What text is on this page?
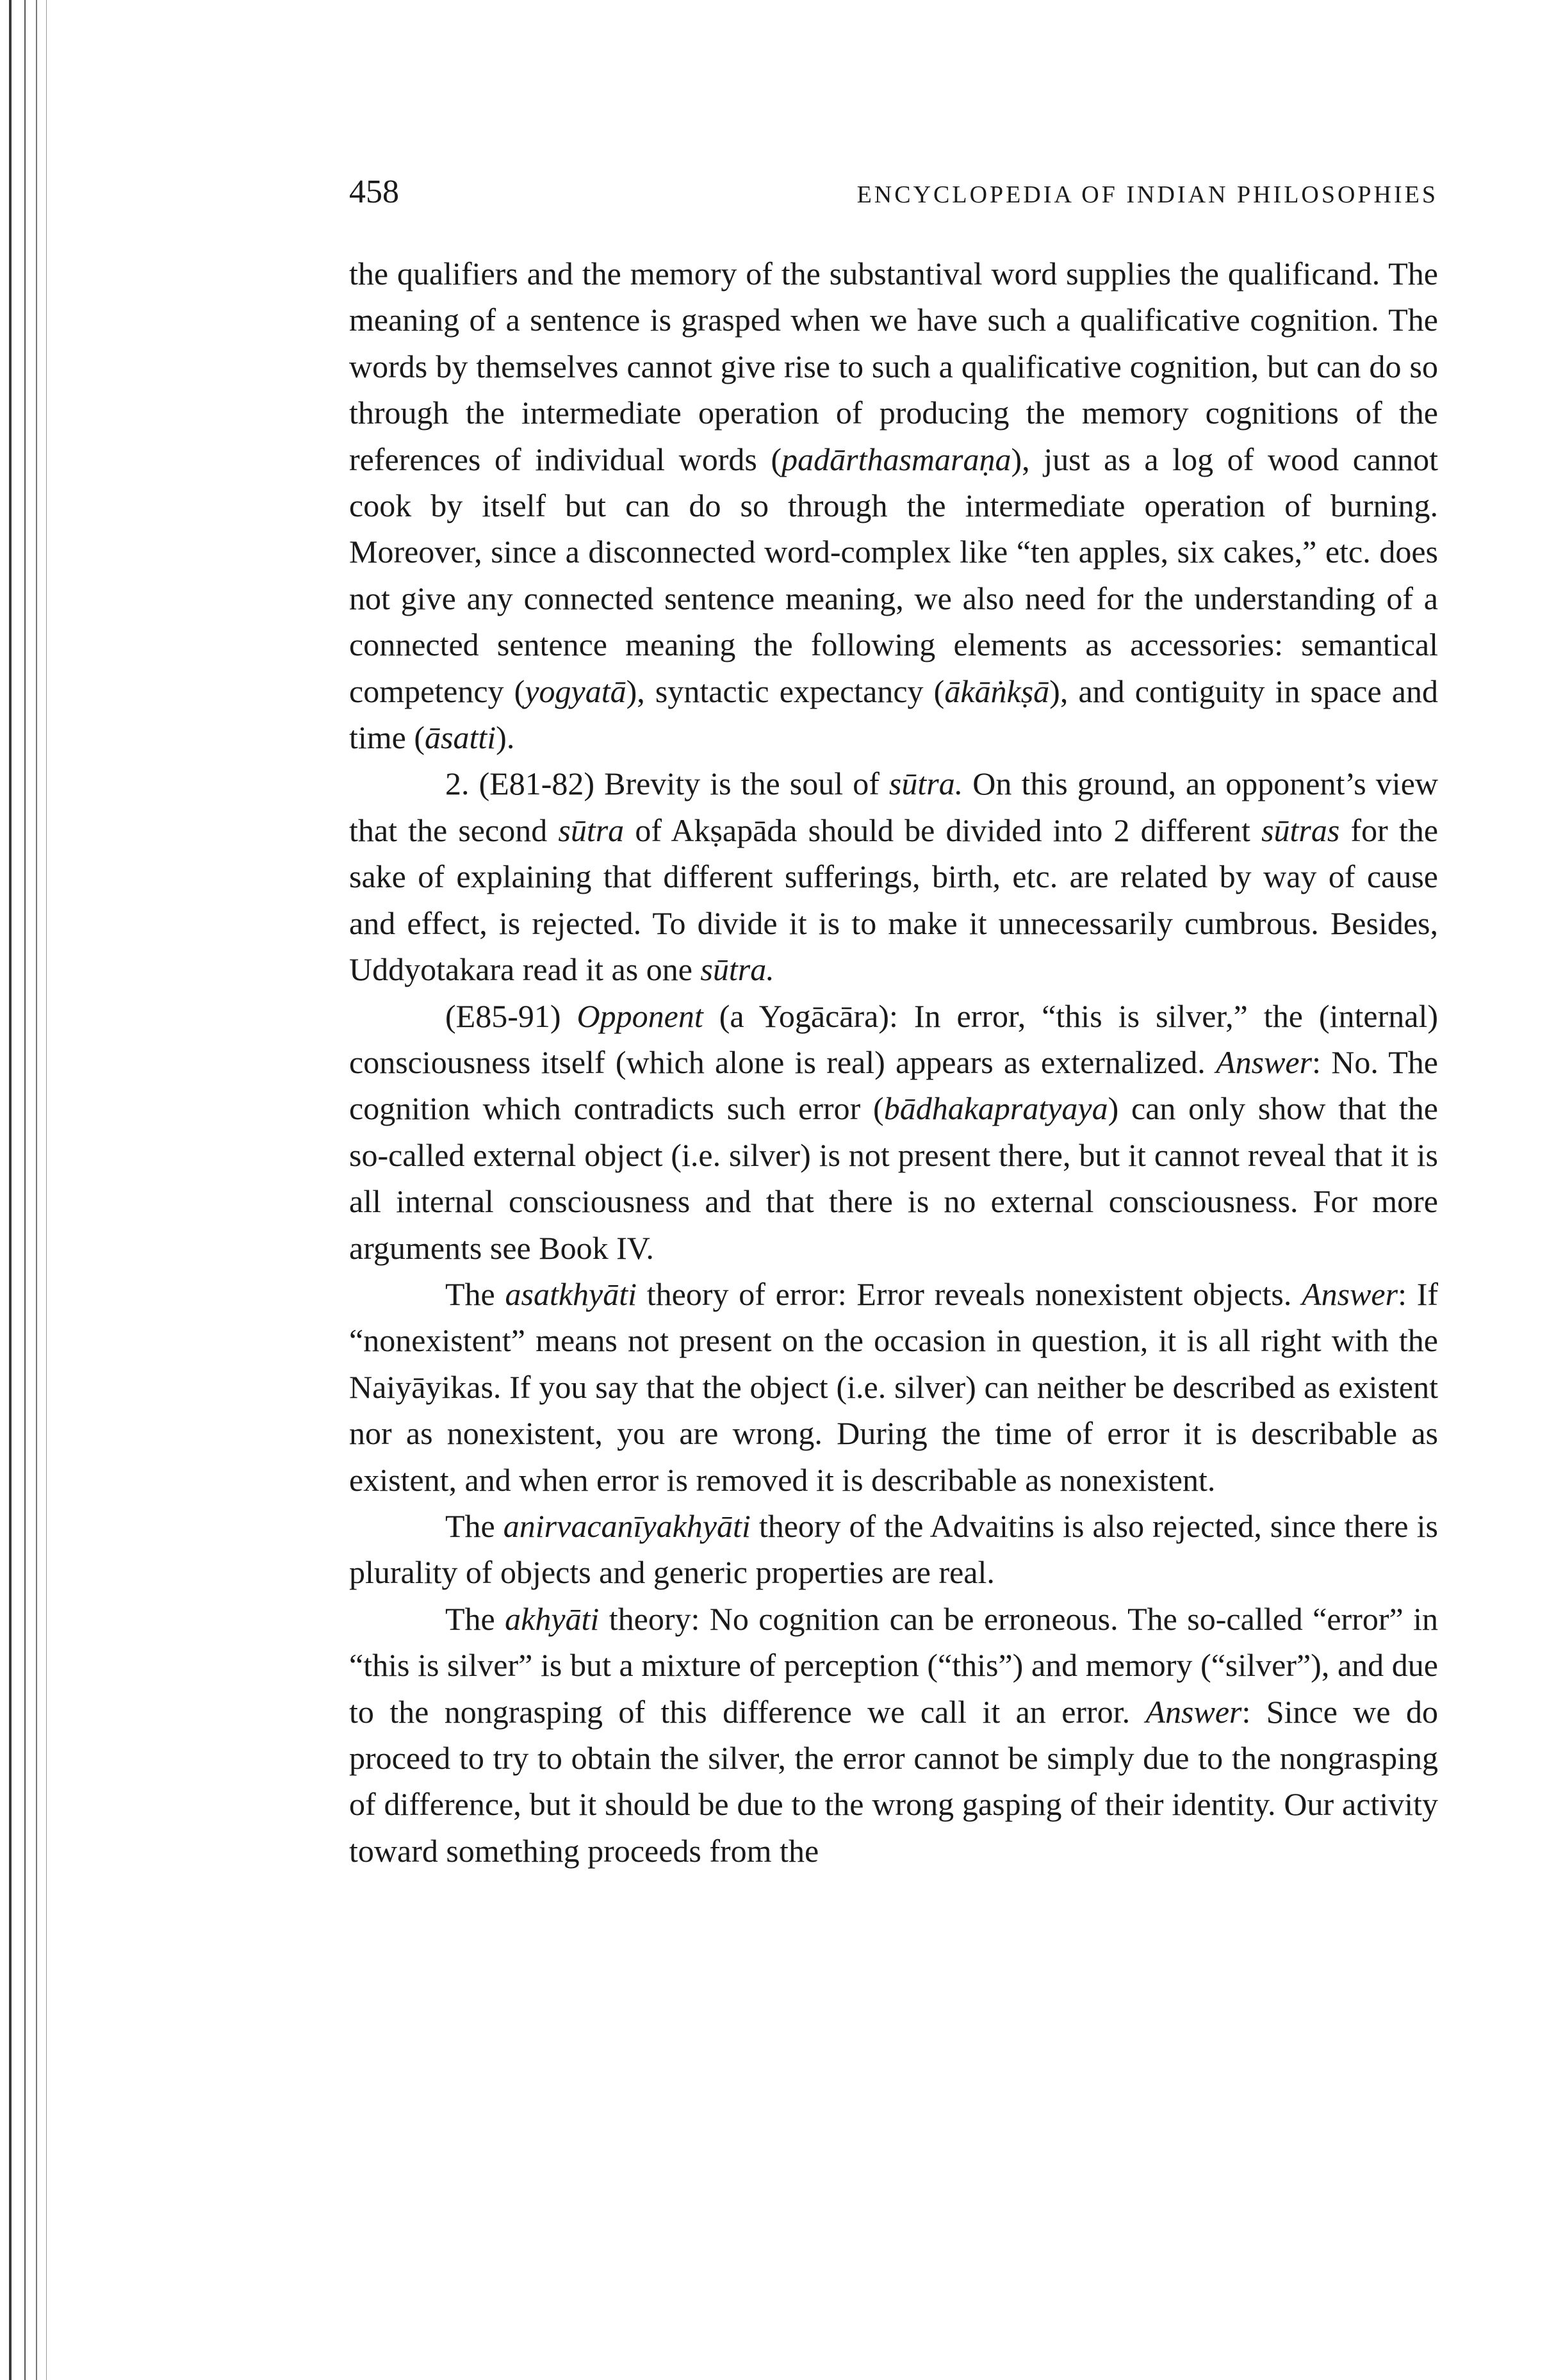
458	ENCYCLOPEDIA OF INDIAN PHILOSOPHIES

the qualifiers and the memory of the substantival word supplies the qualificand. The meaning of a sentence is grasped when we have such a qualificative cognition. The words by themselves cannot give rise to such a qualificative cognition, but can do so through the intermediate operation of producing the memory cognitions of the references of individual words (padārthasmaraṇa), just as a log of wood cannot cook by itself but can do so through the intermediate operation of burning. Moreover, since a disconnected word-complex like “ten apples, six cakes,” etc. does not give any connected sentence meaning, we also need for the understanding of a connected sentence meaning the following elements as accessories: semantical competency (yogyatā), syntactic expectancy (ākāṅkṣā), and contiguity in space and time (āsatti).

2. (E81-82) Brevity is the soul of sūtra. On this ground, an opponent’s view that the second sūtra of Akṣapāda should be divided into 2 different sūtras for the sake of explaining that different sufferings, birth, etc. are related by way of cause and effect, is rejected. To divide it is to make it unnecessarily cumbrous. Besides, Uddyotakara read it as one sūtra.

(E85-91) Opponent (a Yogācāra): In error, “this is silver,” the (internal) consciousness itself (which alone is real) appears as externalized. Answer: No. The cognition which contradicts such error (bādhakapratyaya) can only show that the so-called external object (i.e. silver) is not present there, but it cannot reveal that it is all internal consciousness and that there is no external consciousness. For more arguments see Book IV.

The asatkhyāti theory of error: Error reveals nonexistent objects. Answer: If “nonexistent” means not present on the occasion in question, it is all right with the Naiyāyikas. If you say that the object (i.e. silver) can neither be described as existent nor as nonexistent, you are wrong. During the time of error it is describable as existent, and when error is removed it is describable as nonexistent.

The anirvacanīyakhyāti theory of the Advaitins is also rejected, since there is plurality of objects and generic properties are real.

The akhyāti theory: No cognition can be erroneous. The so-called “error” in “this is silver” is but a mixture of perception (“this”) and memory (“silver”), and due to the nongrasping of this difference we call it an error. Answer: Since we do proceed to try to obtain the silver, the error cannot be simply due to the nongrasping of difference, but it should be due to the wrong gasping of their identity. Our activity toward something proceeds from the
